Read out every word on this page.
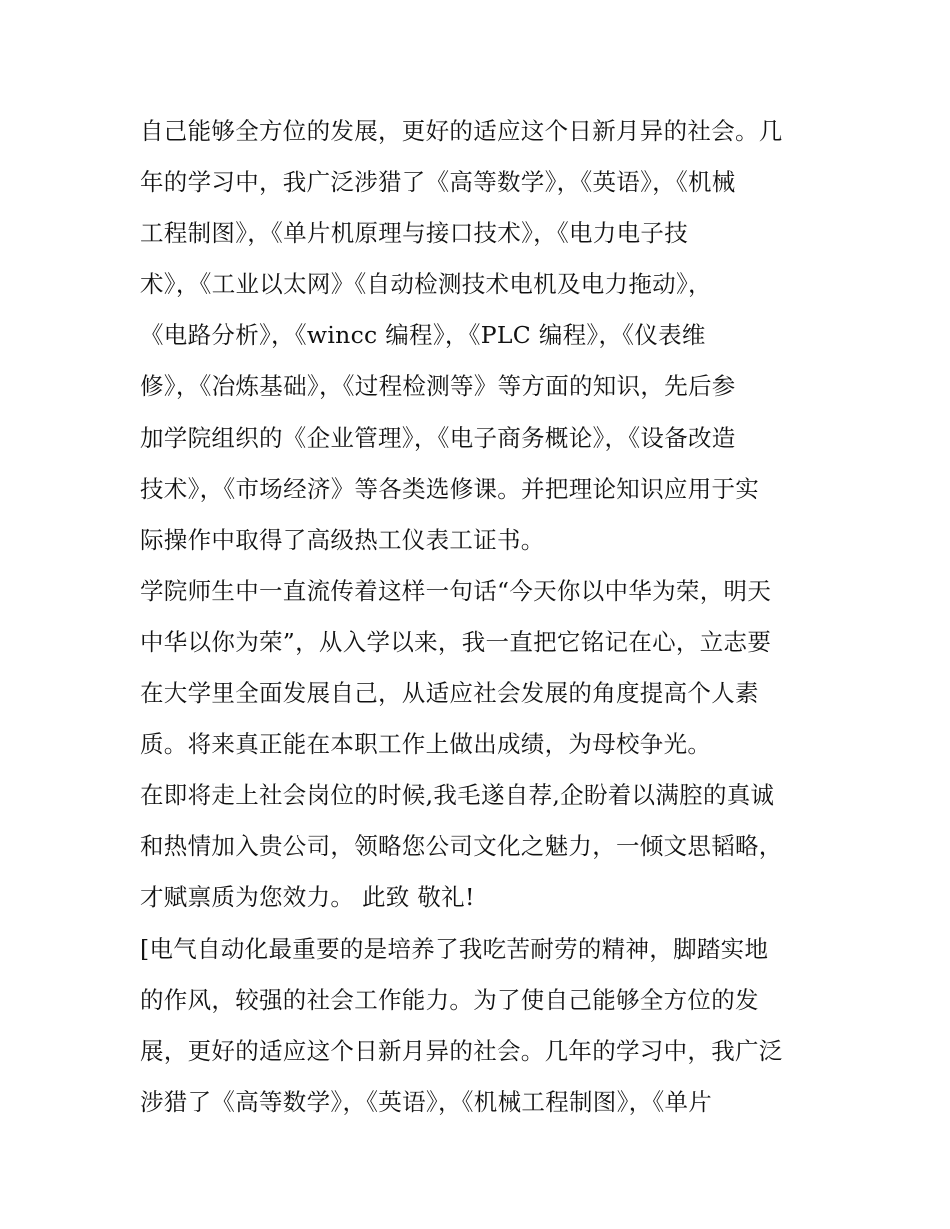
自己能够全方位的发展，更好的适应这个日新月异的社会。几
年的学习中，我广泛涉猎了《高等数学》，《英语》，《机械
工程制图》，《单片机原理与接口技术》，《电力电子技
术》，《工业以太网》《自动检测技术电机及电力拖动》，
《电路分析》，《wincc 编程》，《PLC 编程》，《仪表维
修》，《冶炼基础》，《过程检测等》等方面的知识，先后参
加学院组织的《企业管理》，《电子商务概论》，《设备改造
技术》，《市场经济》等各类选修课。并把理论知识应用于实
际操作中取得了高级热工仪表工证书。
学院师生中一直流传着这样一句话“今天你以中华为荣，明天
中华以你为荣”，从入学以来，我一直把它铭记在心，立志要
在大学里全面发展自己，从适应社会发展的角度提高个人素
质。将来真正能在本职工作上做出成绩，为母校争光。
在即将走上社会岗位的时候,我毛遂自荐,企盼着以满腔的真诚
和热情加入贵公司，领略您公司文化之魅力，一倾文思韬略，
才赋禀质为您效力。 此致 敬礼!
[电气自动化最重要的是培养了我吃苦耐劳的精神，脚踏实地
的作风，较强的社会工作能力。为了使自己能够全方位的发
展，更好的适应这个日新月异的社会。几年的学习中，我广泛
涉猎了《高等数学》，《英语》，《机械工程制图》，《单片
